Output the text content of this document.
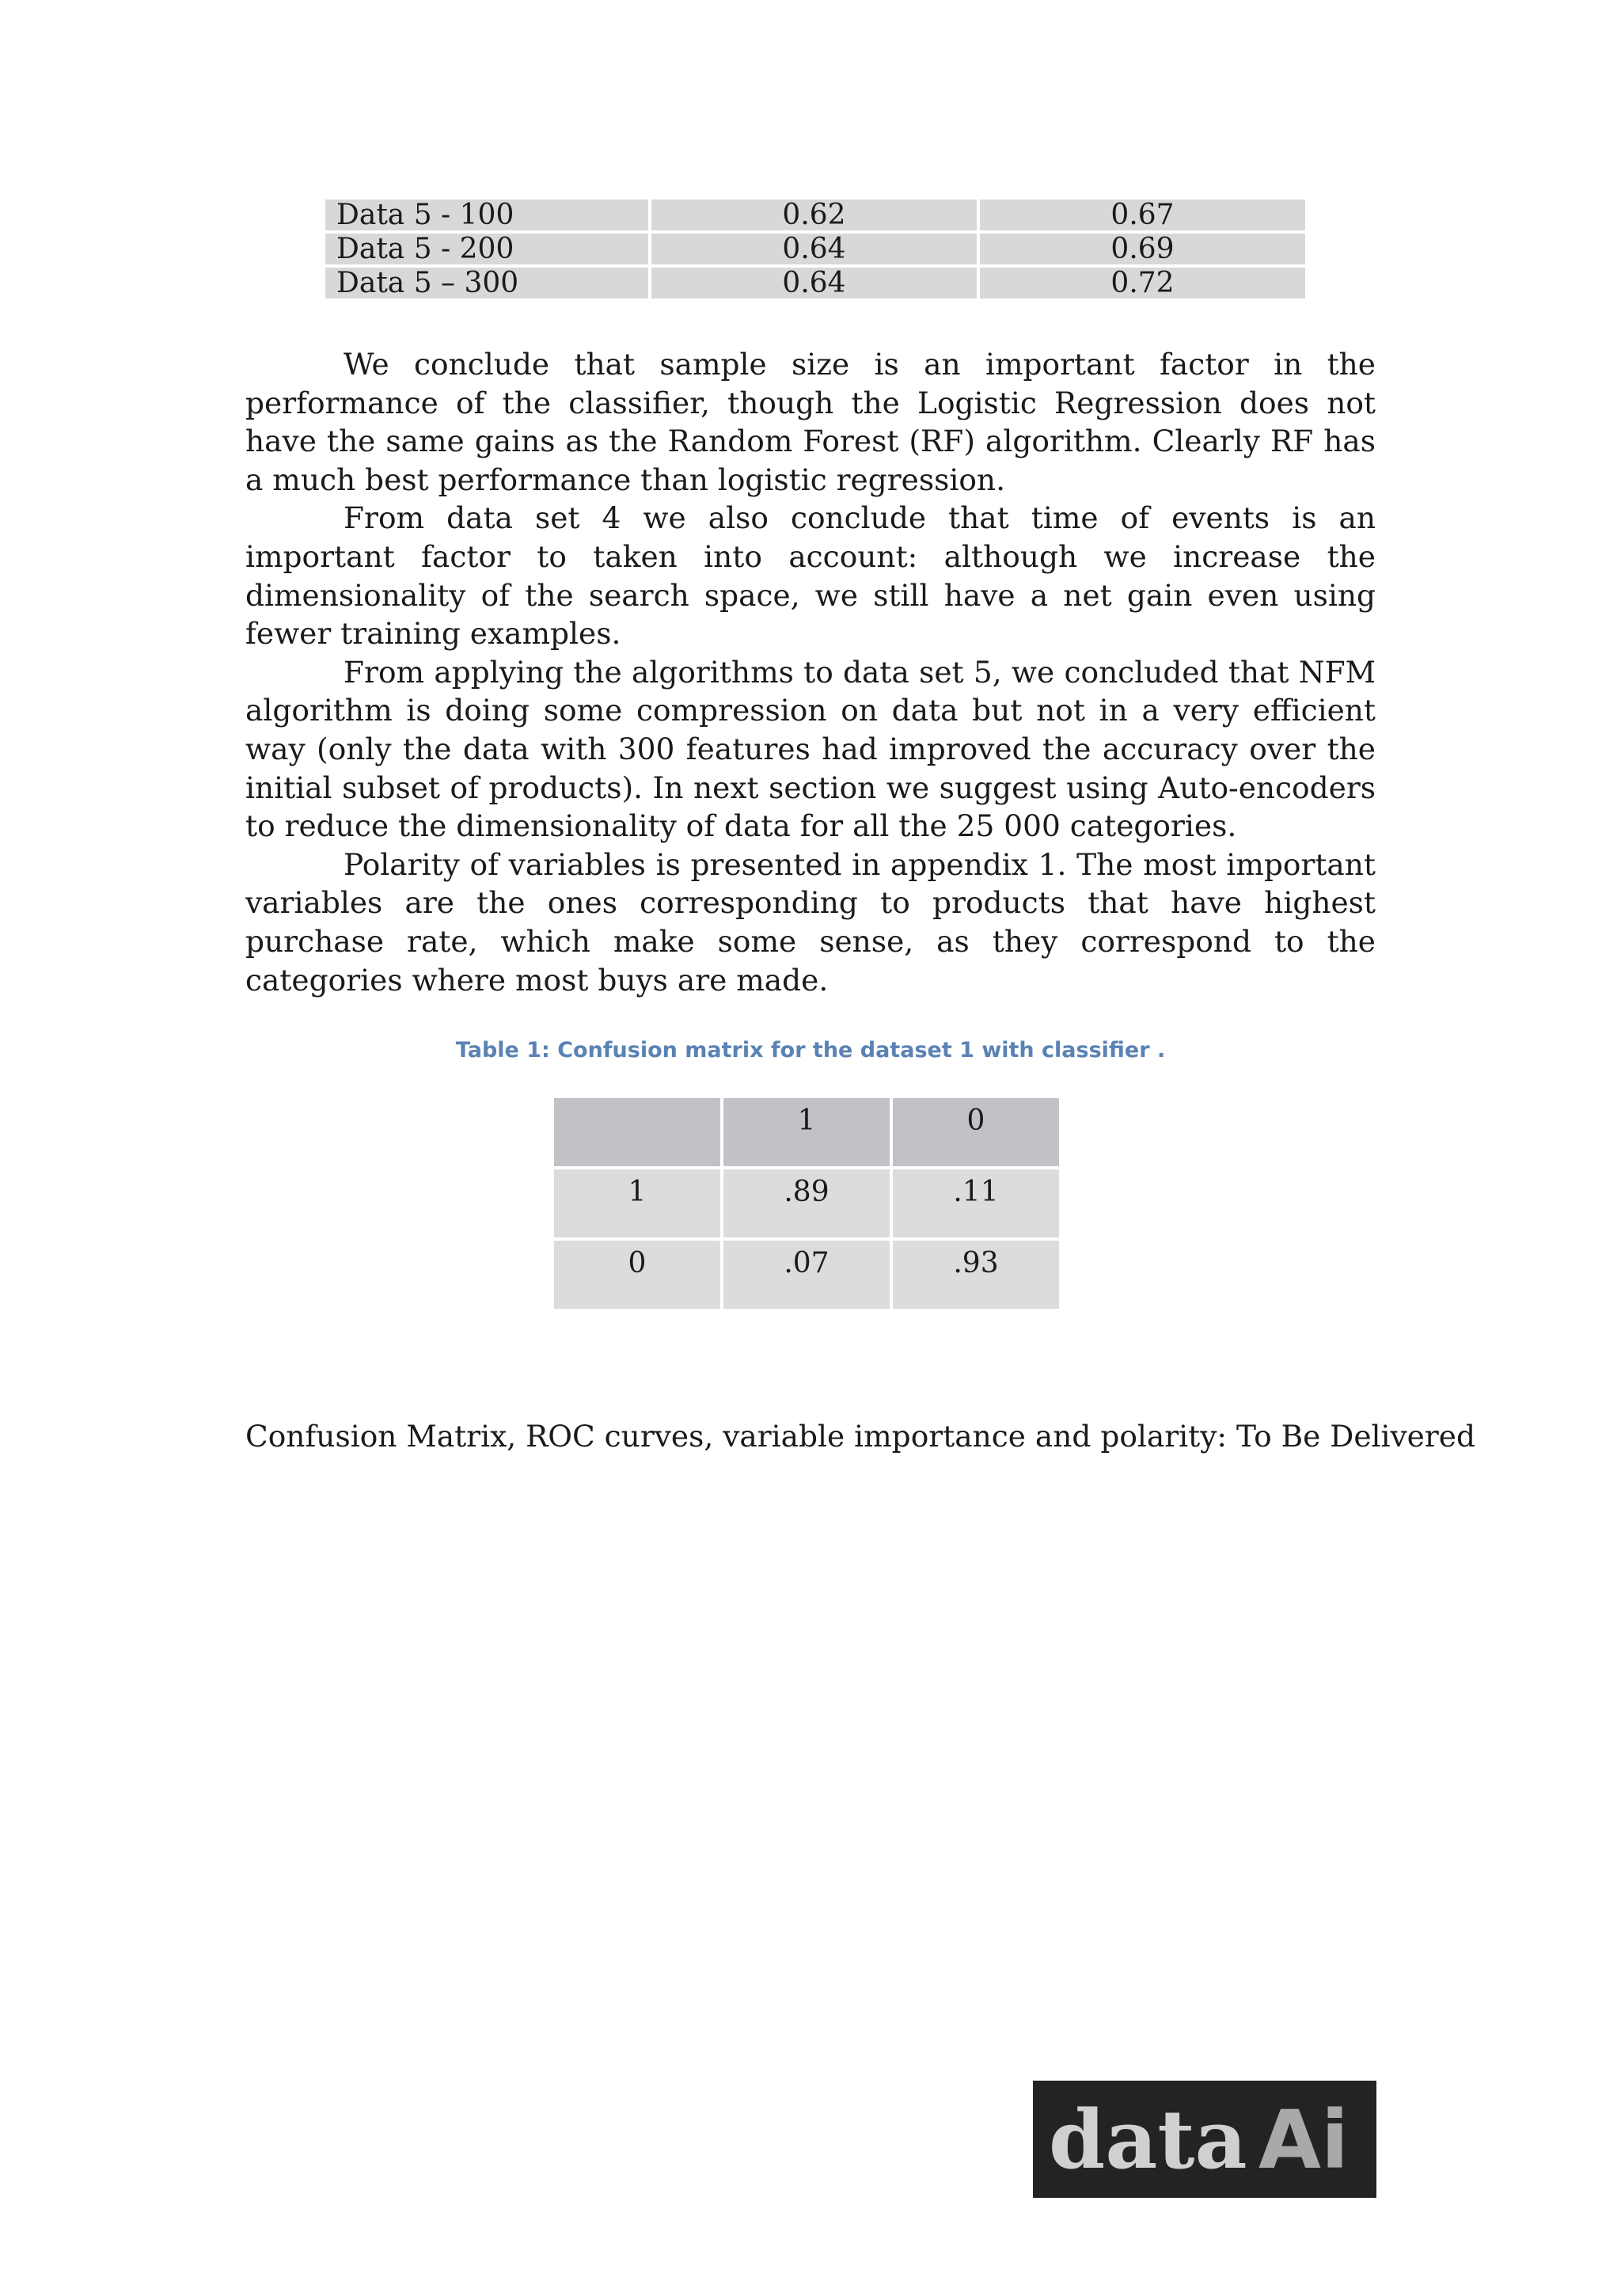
Data 5 - 100	0.62	0.67
Data 5 - 200	0.64	0.69
Data 5 – 300	0.64	0.72

We conclude that sample size is an important factor in the performance of the classifier, though the Logistic Regression does not have the same gains as the Random Forest (RF) algorithm. Clearly RF has a much best performance than logistic regression.

From data set 4 we also conclude that time of events is an important factor to taken into account: although we increase the dimensionality of the search space, we still have a net gain even using fewer training examples.

From applying the algorithms to data set 5, we concluded that NFM algorithm is doing some compression on data but not in a very efficient way (only the data with 300 features had improved the accuracy over the initial subset of products). In next section we suggest using Auto-encoders to reduce the dimensionality of data for all the 25 000 categories.

Polarity of variables is presented in appendix 1. The most important variables are the ones corresponding to products that have highest purchase rate, which make some sense, as they correspond to the categories where most buys are made.

Table 1: Confusion matrix for the dataset 1 with classifier .
	1	0
1	.89	.11
0	.07	.93
Confusion Matrix, ROC curves, variable importance and polarity: To Be Delivered
data Ai
